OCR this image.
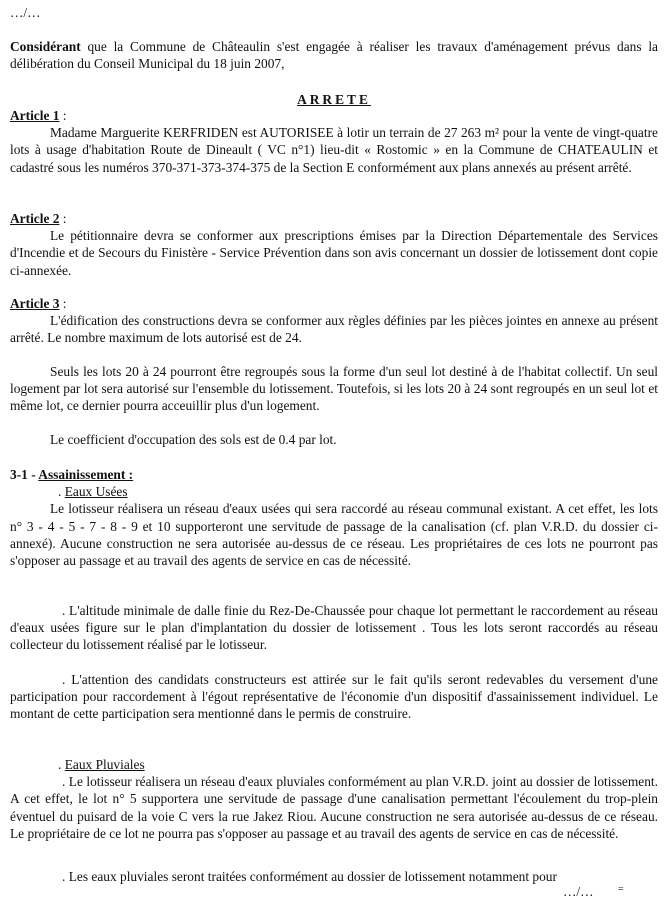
…/…

Considérant que la Commune de Châteaulin s'est engagée à réaliser les travaux d'aménagement prévus dans la délibération du Conseil Municipal du 18 juin 2007,

ARRETE

Article 1 :

Madame Marguerite KERFRIDEN est AUTORISEE à lotir un terrain de 27 263 m² pour la vente de vingt-quatre lots à usage d'habitation Route de Dineault ( VC n°1) lieu-dit « Rostomic » en la Commune de CHATEAULIN et cadastré sous les numéros 370-371-373-374-375 de la Section E conformément aux plans annexés au présent arrêté.

Article 2 :

Le pétitionnaire devra se conformer aux prescriptions émises par la Direction Départementale des Services d'Incendie et de Secours du Finistère - Service Prévention dans son avis concernant un dossier de lotissement dont copie ci-annexée.

Article 3 :

L'édification des constructions devra se conformer aux règles définies par les pièces jointes en annexe au présent arrêté. Le nombre maximum de lots autorisé est de 24.

Seuls les lots 20 à 24 pourront être regroupés sous la forme d'un seul lot destiné à de l'habitat collectif. Un seul logement par lot sera autorisé sur l'ensemble du lotissement. Toutefois, si les lots 20 à 24 sont regroupés en un seul lot et même lot, ce dernier pourra acceuillir plus d'un logement.

Le coefficient d'occupation des sols est de 0.4 par lot.

3-1 - Assainissement :

. Eaux Usées

Le lotisseur réalisera un réseau d'eaux usées qui sera raccordé au réseau communal existant. A cet effet, les lots n° 3 - 4 - 5 - 7 - 8 - 9 et 10 supporteront une servitude de passage de la canalisation (cf. plan V.R.D. du dossier ci-annexé). Aucune construction ne sera autorisée au-dessus de ce réseau. Les propriétaires de ces lots ne pourront pas s'opposer au passage et au travail des agents de service en cas de nécessité.

. L'altitude minimale de dalle finie du Rez-De-Chaussée pour chaque lot permettant le raccordement au réseau d'eaux usées figure sur le plan d'implantation du dossier de lotissement . Tous les lots seront raccordés au réseau collecteur du lotissement réalisé par le lotisseur.

. L'attention des candidats constructeurs est attirée sur le fait qu'ils seront redevables du versement d'une participation pour raccordement à l'égout représentative de l'économie d'un dispositif d'assainissement individuel. Le montant de cette participation sera mentionné dans le permis de construire.

. Eaux Pluviales

. Le lotisseur réalisera un réseau d'eaux pluviales conformément au plan V.R.D. joint au dossier de lotissement. A cet effet, le lot n° 5 supportera une servitude de passage d'une canalisation permettant l'écoulement du trop-plein éventuel du puisard de la voie C vers la rue Jakez Riou. Aucune construction ne sera autorisée au-dessus de ce réseau. Le propriétaire de ce lot ne pourra pas s'opposer au passage et au travail des agents de service en cas de nécessité.

. Les eaux pluviales seront traitées conformément au dossier de lotissement notamment pour

…/… =
